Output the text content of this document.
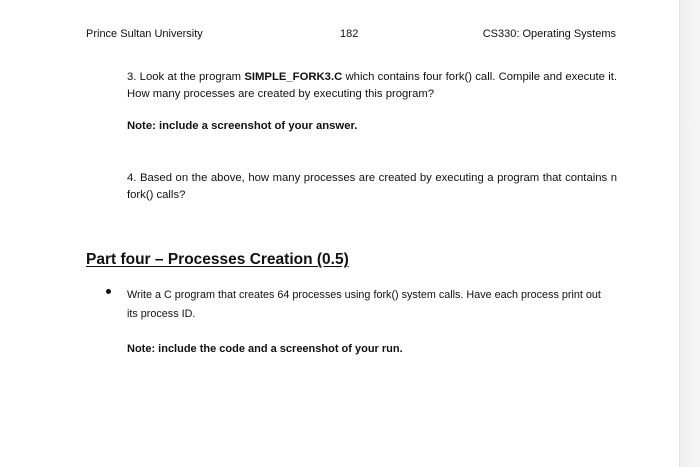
Prince Sultan University	182	CS330: Operating Systems
3. Look at the program SIMPLE_FORK3.C which contains four fork() call. Compile and execute it. How many processes are created by executing this program?
Note: include a screenshot of your answer.
4. Based on the above, how many processes are created by executing a program that contains n fork() calls?
Part four – Processes Creation (0.5)
Write a C program that creates 64 processes using fork() system calls. Have each process print out its process ID.
Note: include the code and a screenshot of your run.
